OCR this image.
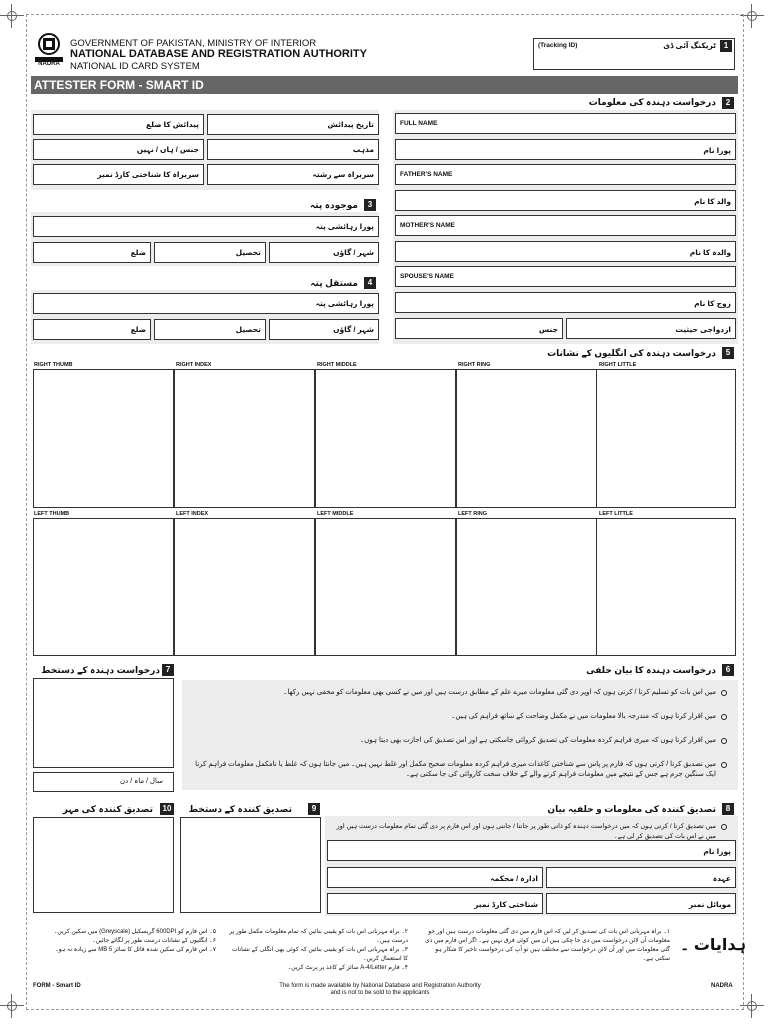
NADRA
GOVERNMENT OF PAKISTAN, MINISTRY OF INTERIOR
NATIONAL DATABASE AND REGISTRATION AUTHORITY
NATIONAL ID CARD SYSTEM
(Tracking ID)	ٹریکنگ آئی ڈی 1
ATTESTER FORM - SMART ID
درخواست دہندہ کی معلومات	2
پیدائش کا ضلع	تاریخ پیدائش
جنس / ہاں / نہیں	مذہب
سربراہ کا شناختی کارڈ نمبر	سربراہ سے رشتہ
FULL NAME
پورا نام
FATHER'S NAME
والد کا نام
MOTHER'S NAME
والدہ کا نام
SPOUSE'S NAME
زوج کا نام
جنس	ازدواجی حیثیت
موجودہ پتہ	3
پورا رہائشی پتہ
ضلع	تحصیل	شہر / گاؤں
مستقل پتہ	4
پورا رہائشی پتہ
ضلع	تحصیل	شہر / گاؤں
درخواست دہندہ کی انگلیوں کے نشانات	5
RIGHT THUMB	RIGHT INDEX	RIGHT MIDDLE	RIGHT RING	RIGHT LITTLE
LEFT THUMB	LEFT INDEX	LEFT MIDDLE	LEFT RING	LEFT LITTLE
درخواست دہندہ کے دستخط 7
سال / ماہ / دن
درخواست دہندہ کا بیان حلفی	6
میں اس بات کو تسلیم کرتا / کرتی ہوں کہ اوپر دی گئی معلومات میرے علم کے مطابق درست ہیں اور میں نے کسی بھی معلومات کو مخفی نہیں رکھا۔
میں اقرار کرتا ہوں کہ مندرجہ بالا معلومات میں نے مکمل وضاحت کے ساتھ فراہم کی ہیں۔
میں اقرار کرتا ہوں کہ میری فراہم کردہ معلومات کی تصدیق کروائی جاسکتی ہے اور اس تصدیق کی اجازت بھی دیتا ہوں۔
میں تصدیق کرتا / کرتی ہوں کہ فارم پر پاس سے شناختی کاغذات میری فراہم کردہ معلومات صحیح مکمل اور غلط نہیں ہیں۔ میں جانتا ہوں کہ غلط یا نامکمل معلومات فراہم کرنا ایک سنگین جرم ہے جس کے نتیجے میں معلومات فراہم کرنے والے کے خلاف سخت کاروائی کی جا سکتی ہے۔
تصدیق کنندہ کی مہر	10 تصدیق کنندہ کے دستخط	9	تصدیق کنندہ کی معلومات و حلفیہ بیان	8
میں تصدیق کرتا / کرتی ہوں کہ میں درخواست دہندہ کو ذاتی طور پر جانتا / جانتی ہوں اور اس فارم پر دی گئی تمام معلومات درست ہیں اور میں نے اس بات کی تصدیق کر لی ہے۔
پورا نام
ادارہ / محکمہ	عہدہ
شناختی کارڈ نمبر	موبائل نمبر
ہدایات ۔
۱۔ براہ مہربانی اس بات کی تصدیق کر لیں کہ اس فارم میں دی گئی معلومات درست ہیں اور جو معلومات آن لائن درخواست میں دی جا چکی ہیں ان میں کوئی فرق نہیں ہے۔ اگر اس فارم میں دی گئی معلومات میں اور آن لائن درخواست سے مختلف ہیں تو آپ کی درخواست تاخیر کا شکار ہو سکتی ہے۔
۲۔ براہ مہربانی اس بات کو یقینی بنائیں کہ تمام معلومات مکمل طور پر درست ہیں۔
۳۔ براہ مہربانی اس بات کو یقینی بنائیں کہ کوئی بھی انگلی کے نشانات کا استعمال کریں۔
۴۔ فارم A-4/Letter سائز کے کاغذ پر پرنٹ کریں۔
۵۔ اس فارم کو 600DPI گریسکیل (Greyscale) میں سکین کریں۔
۶۔ انگلیوں کے نشانات درست طور پر لگائے جائیں۔
۷۔ اس فارم کی سکین شدہ فائل کا سائز 5 MB سے زیادہ نہ ہو۔
FORM - Smart ID	The form is made available by National Database and Registration Authority
and is not to be sold to the applicants
NADRA
